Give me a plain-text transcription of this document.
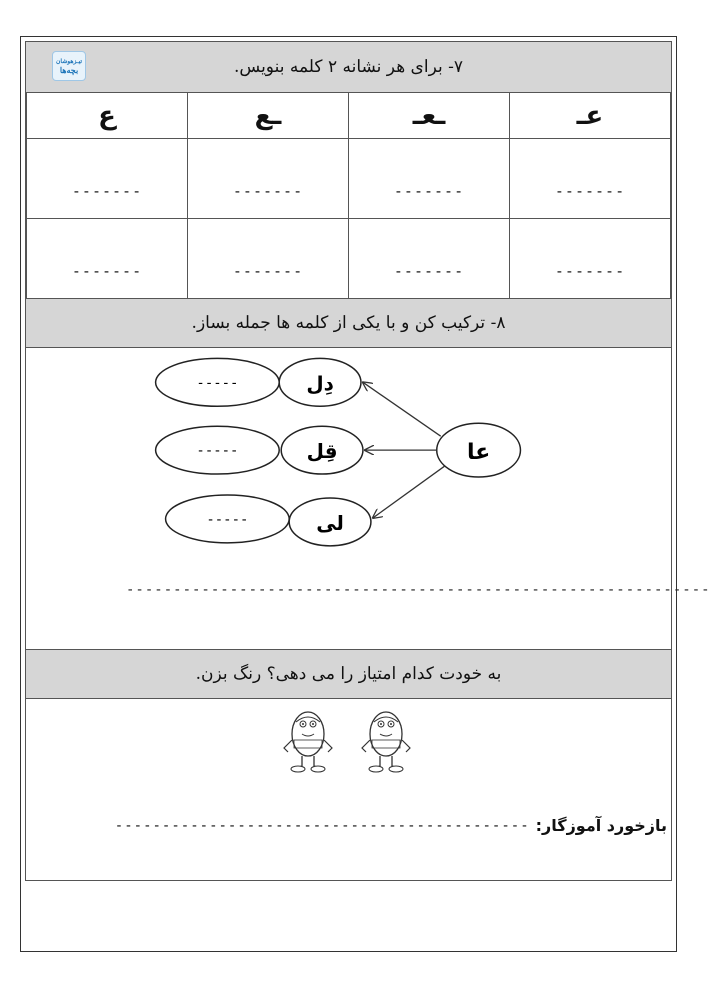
۷- برای هر نشانه ۲ کلمه بنویس.
تیـزهوشان
بچه‌ها
عـ	ـعـ	ـع	ع
-------	-------	-------	-------
-------	-------	-------	-------
۸- ترکیب کن و با یکی از کلمه ها جمله بساز.
-----	دِل
-----	قِل
-----	لی
عا
--------------------------------------------------------------
به خودت کدام امتیاز را می دهی؟ رنگ بزن.
بازخورد آموزگار:
--------------------------------------------
